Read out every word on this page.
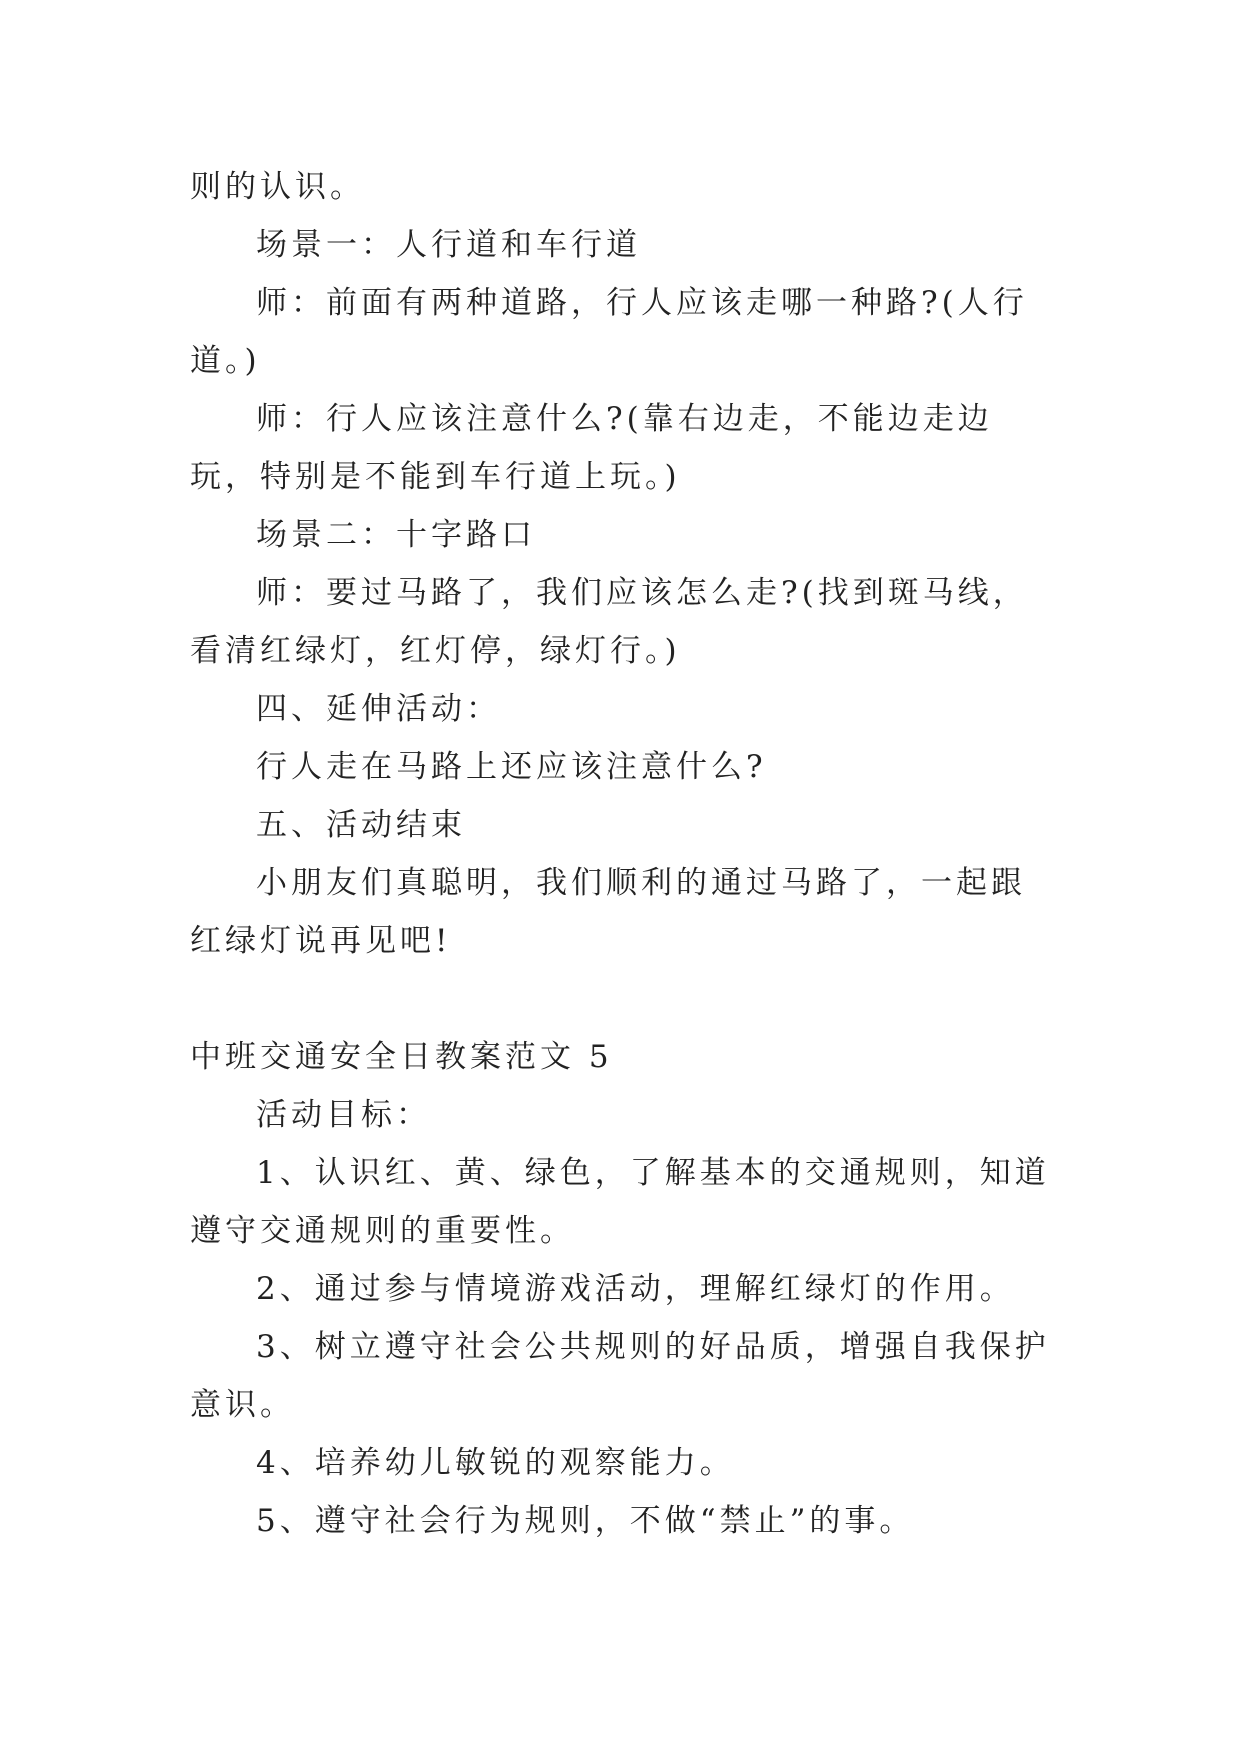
则的认识。

场景一：人行道和车行道

师：前面有两种道路，行人应该走哪一种路?(人行道。)

师：行人应该注意什么?(靠右边走，不能边走边玩，特别是不能到车行道上玩。)

场景二：十字路口

师：要过马路了，我们应该怎么走?(找到斑马线，看清红绿灯，红灯停，绿灯行。)

四、延伸活动：

行人走在马路上还应该注意什么?

五、活动结束

小朋友们真聪明，我们顺利的通过马路了，一起跟红绿灯说再见吧!

中班交通安全日教案范文 5

活动目标：

1、认识红、黄、绿色，了解基本的交通规则，知道遵守交通规则的重要性。

2、通过参与情境游戏活动，理解红绿灯的作用。

3、树立遵守社会公共规则的好品质，增强自我保护意识。

4、培养幼儿敏锐的观察能力。

5、遵守社会行为规则，不做“禁止”的事。
